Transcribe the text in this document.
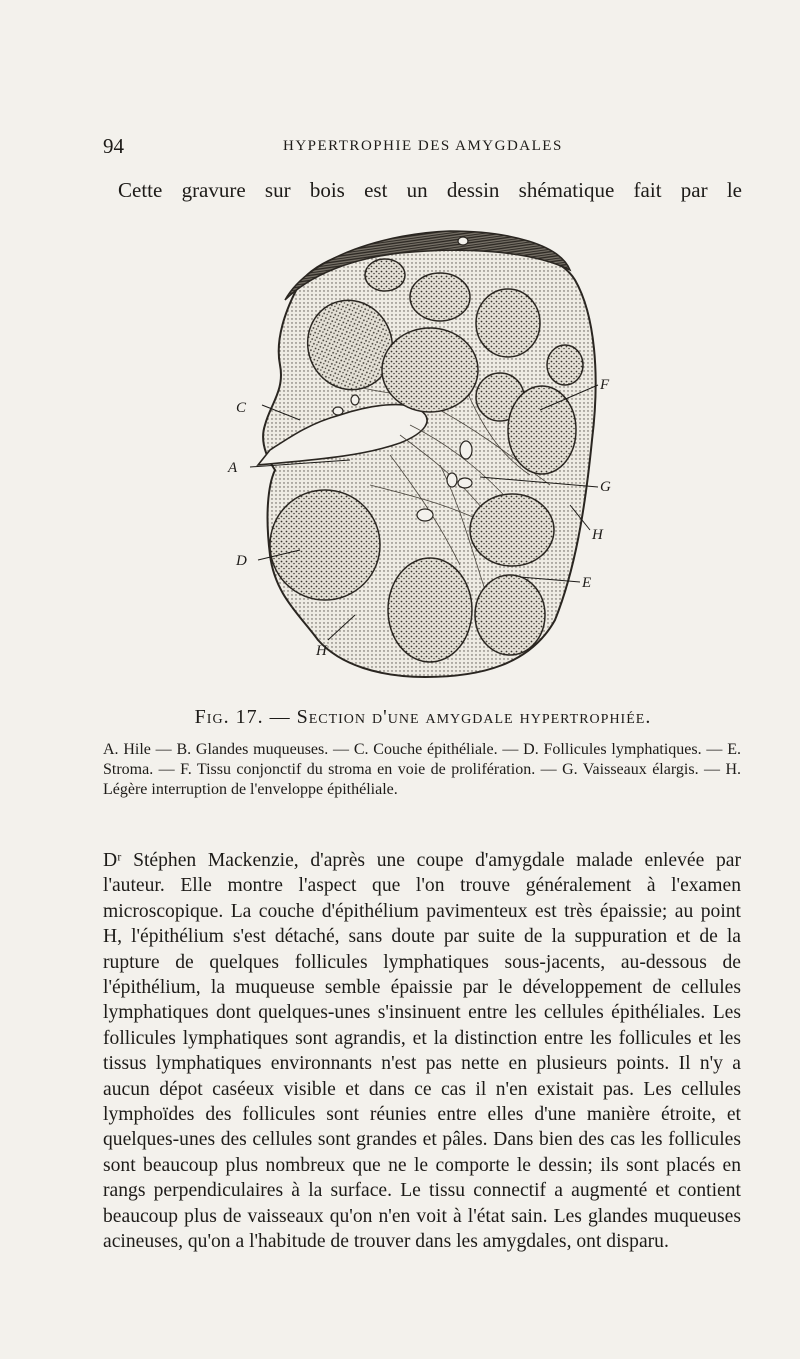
94	HYPERTROPHIE DES AMYGDALES
Cette gravure sur bois est un dessin shématique fait par le
C
A
D
F
G
H
E
H
Fig. 17. — Section d'une amygdale hypertrophiée.
A. Hile — B. Glandes muqueuses. — C. Couche épithéliale. — D. Follicules lymphatiques. — E. Stroma. — F. Tissu conjonctif du stroma en voie de prolifération. — G. Vaisseaux élargis. — H. Légère interruption de l'enveloppe épithéliale.
Dʳ Stéphen Mackenzie, d'après une coupe d'amygdale malade enlevée par l'auteur. Elle montre l'aspect que l'on trouve généralement à l'examen microscopique. La couche d'épithélium pavimenteux est très épaissie; au point H, l'épithélium s'est détaché, sans doute par suite de la suppuration et de la rupture de quelques follicules lymphatiques sous-jacents, au-dessous de l'épithélium, la muqueuse semble épaissie par le développement de cellules lymphatiques dont quelques-unes s'insinuent entre les cellules épithéliales. Les follicules lymphatiques sont agrandis, et la distinction entre les follicules et les tissus lymphatiques environnants n'est pas nette en plusieurs points. Il n'y a aucun dépot caséeux visible et dans ce cas il n'en existait pas. Les cellules lymphoïdes des follicules sont réunies entre elles d'une manière étroite, et quelques-unes des cellules sont grandes et pâles. Dans bien des cas les follicules sont beaucoup plus nombreux que ne le comporte le dessin; ils sont placés en rangs perpendiculaires à la surface. Le tissu connectif a augmenté et contient beaucoup plus de vaisseaux qu'on n'en voit à l'état sain. Les glandes muqueuses acineuses, qu'on a l'habitude de trouver dans les amygdales, ont disparu.
